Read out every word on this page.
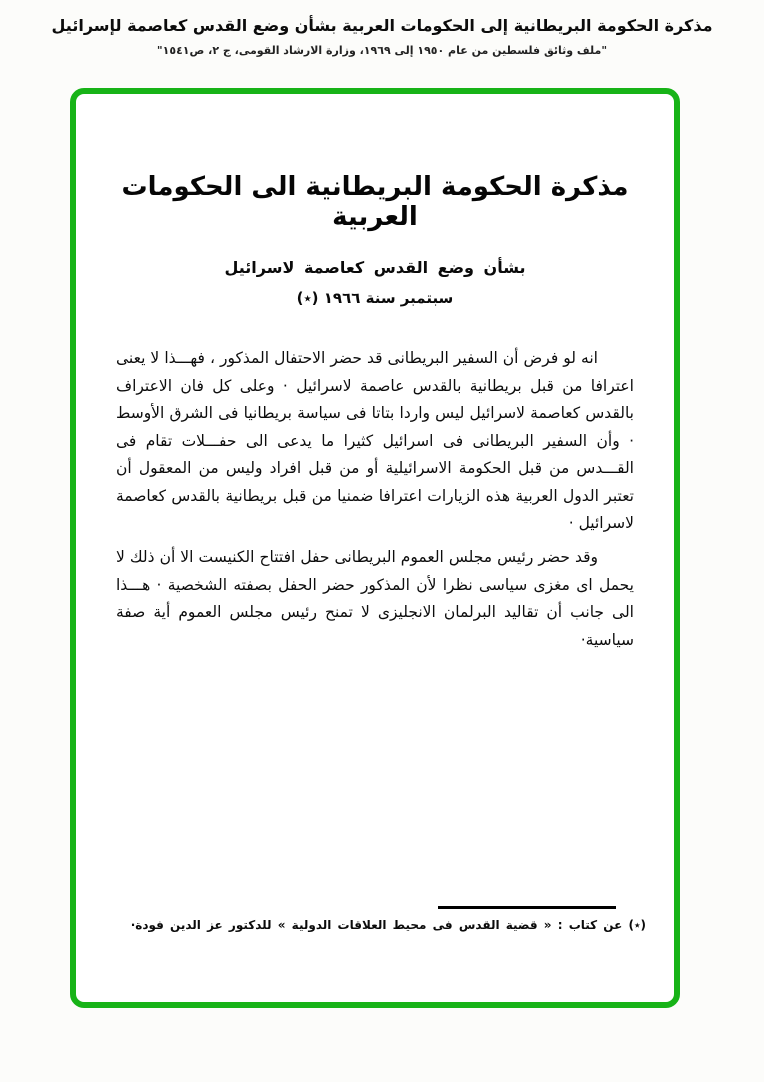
مذكرة الحكومة البريطانية إلى الحكومات العربية بشأن وضع القدس كعاصمة لإسرائيل
"ملف وثائق فلسطين من عام ١٩٥٠ إلى ١٩٦٩، وزارة الارشاد القومى، ج ٢، ص١٥٤١"
مذكرة الحكومة البريطانية الى الحكومات العربية
بشأن وضع القدس كعاصمة لاسرائيل
سبتمبر سنة ١٩٦٦ (٭)

انه لو فرض أن السفير البريطانى قد حضر الاحتفال المذكور ، فهـــذا لا يعنى اعترافا من قبل بريطانية بالقدس عاصمة لاسرائيل · وعلى كل فان الاعتراف بالقدس كعاصمة لاسرائيل ليس واردا بتاتا فى سياسة بريطانيا فى الشرق الأوسط · وأن السفير البريطانى فى اسرائيل كثيرا ما يدعى الى حفـــلات تقام فى القـــدس من قبل الحكومة الاسرائيلية أو من قبل افراد وليس من المعقول أن تعتبر الدول العربية هذه الزيارات اعترافا ضمنيا من قبل بريطانية بالقدس كعاصمة لاسرائيل ·

وقد حضر رئيس مجلس العموم البريطانى حفل افتتاح الكنيست الا أن ذلك لا يحمل اى مغزى سياسى نظرا لأن المذكور حضر الحفل بصفته الشخصية · هـــذا الى جانب أن تقاليد البرلمان الانجليزى لا تمنح رئيس مجلس العموم أية صفة سياسية·

(٭) عن كتاب : « قضية القدس فى محيط العلاقات الدولية » للدكتور عز الدين فودة·
